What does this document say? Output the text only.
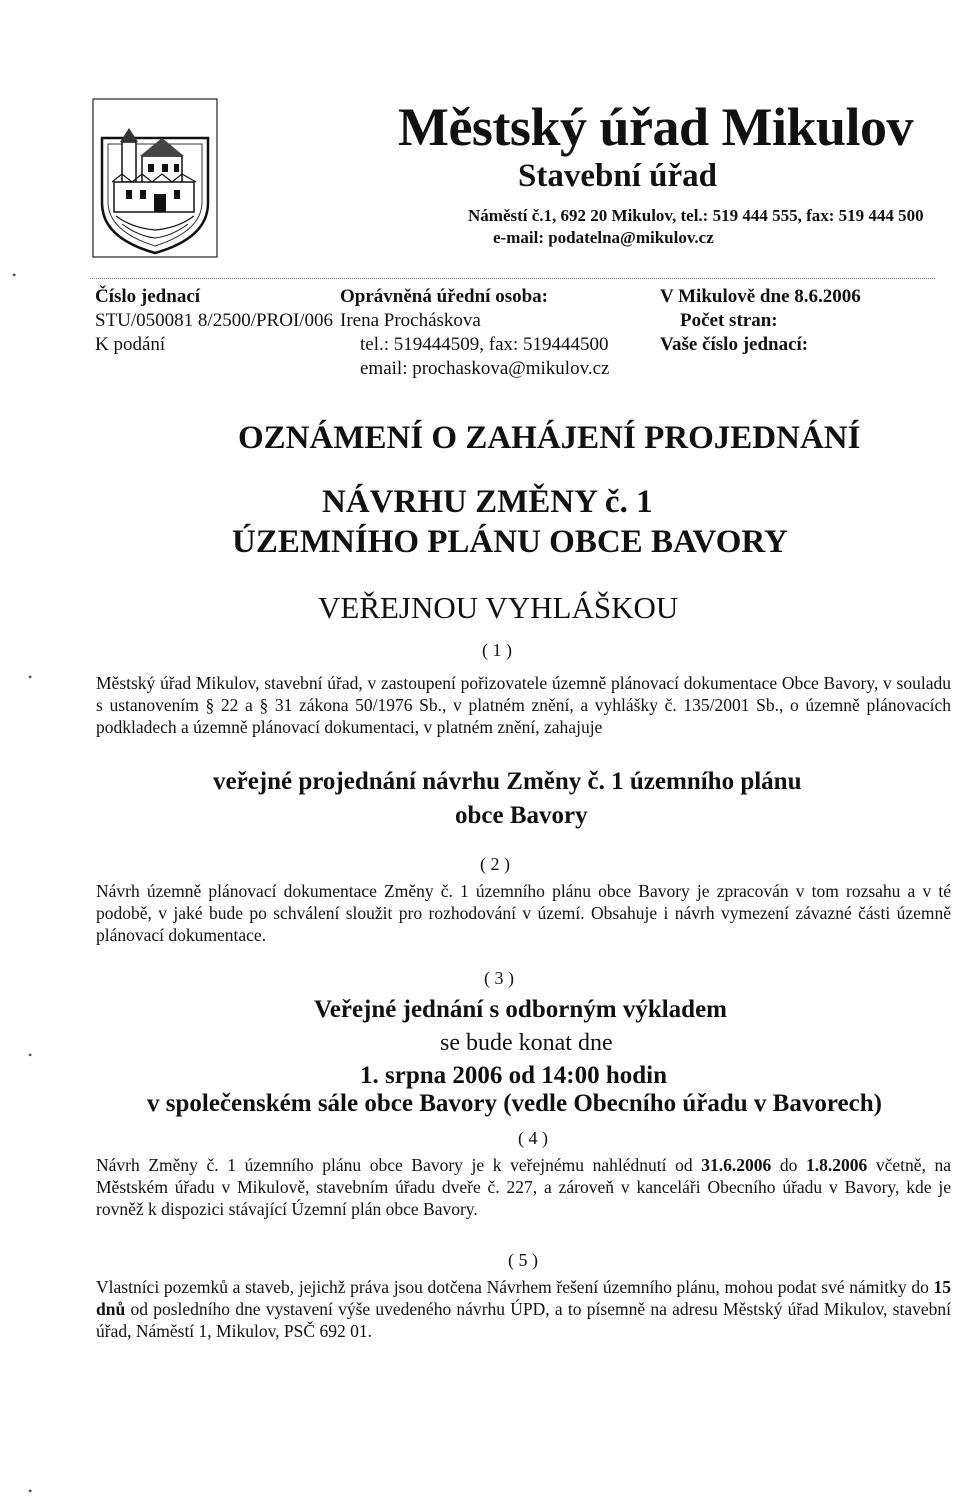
Městský úřad Mikulov
Stavební úřad
Náměstí č.1, 692 20 Mikulov, tel.: 519 444 555, fax: 519 444 500
e-mail: podatelna@mikulov.cz
Číslo jednací
STU/050081 8/2500/PROI/006
K podání
Oprávněná úřední osoba:
Irena Procháskova
tel.: 519444509, fax: 519444500
email: prochaskova@mikulov.cz
V Mikulově dne 8.6.2006
Počet stran:
Vaše číslo jednací:
OZNÁMENÍ O ZAHÁJENÍ PROJEDNÁNÍ
NÁVRHU ZMĚNY č. 1
ÚZEMNÍHO PLÁNU OBCE BAVORY
VEŘEJNOU VYHLÁŠKOU
( 1 )
Městský úřad Mikulov, stavební úřad, v zastoupení pořizovatele územně plánovací dokumentace Obce Bavory, v souladu s ustanovením § 22 a § 31 zákona 50/1976 Sb., v platném znění, a vyhlášky č. 135/2001 Sb., o územně plánovacích podkladech a územně plánovací dokumentaci, v platném znění, zahajuje
veřejné projednání návrhu Změny č. 1 územního plánu
obce Bavory
( 2 )
Návrh územně plánovací dokumentace Změny č. 1 územního plánu obce Bavory je zpracován v tom rozsahu a v té podobě, v jaké bude po schválení sloužit pro rozhodování v území. Obsahuje i návrh vymezení závazné části územně plánovací dokumentace.
( 3 )
Veřejné jednání s odborným výkladem
se bude konat dne
1. srpna 2006 od 14:00 hodin
v společenském sále obce Bavory (vedle Obecního úřadu v Bavorech)
( 4 )
Návrh Změny č. 1 územního plánu obce Bavory je k veřejnému nahlédnutí od 31.6.2006 do 1.8.2006 včetně, na Městském úřadu v Mikulově, stavebním úřadu dveře č. 227, a zároveň v kanceláři Obecního úřadu v Bavory, kde je rovněž k dispozici stávající Územní plán obce Bavory.
( 5 )
Vlastníci pozemků a staveb, jejichž práva jsou dotčena Návrhem řešení územního plánu, mohou podat své námitky do 15 dnů od posledního dne vystavení výše uvedeného návrhu ÚPD, a to písemně na adresu Městský úřad Mikulov, stavební úřad, Náměstí 1, Mikulov, PSČ 692 01.
•
•
•
•
